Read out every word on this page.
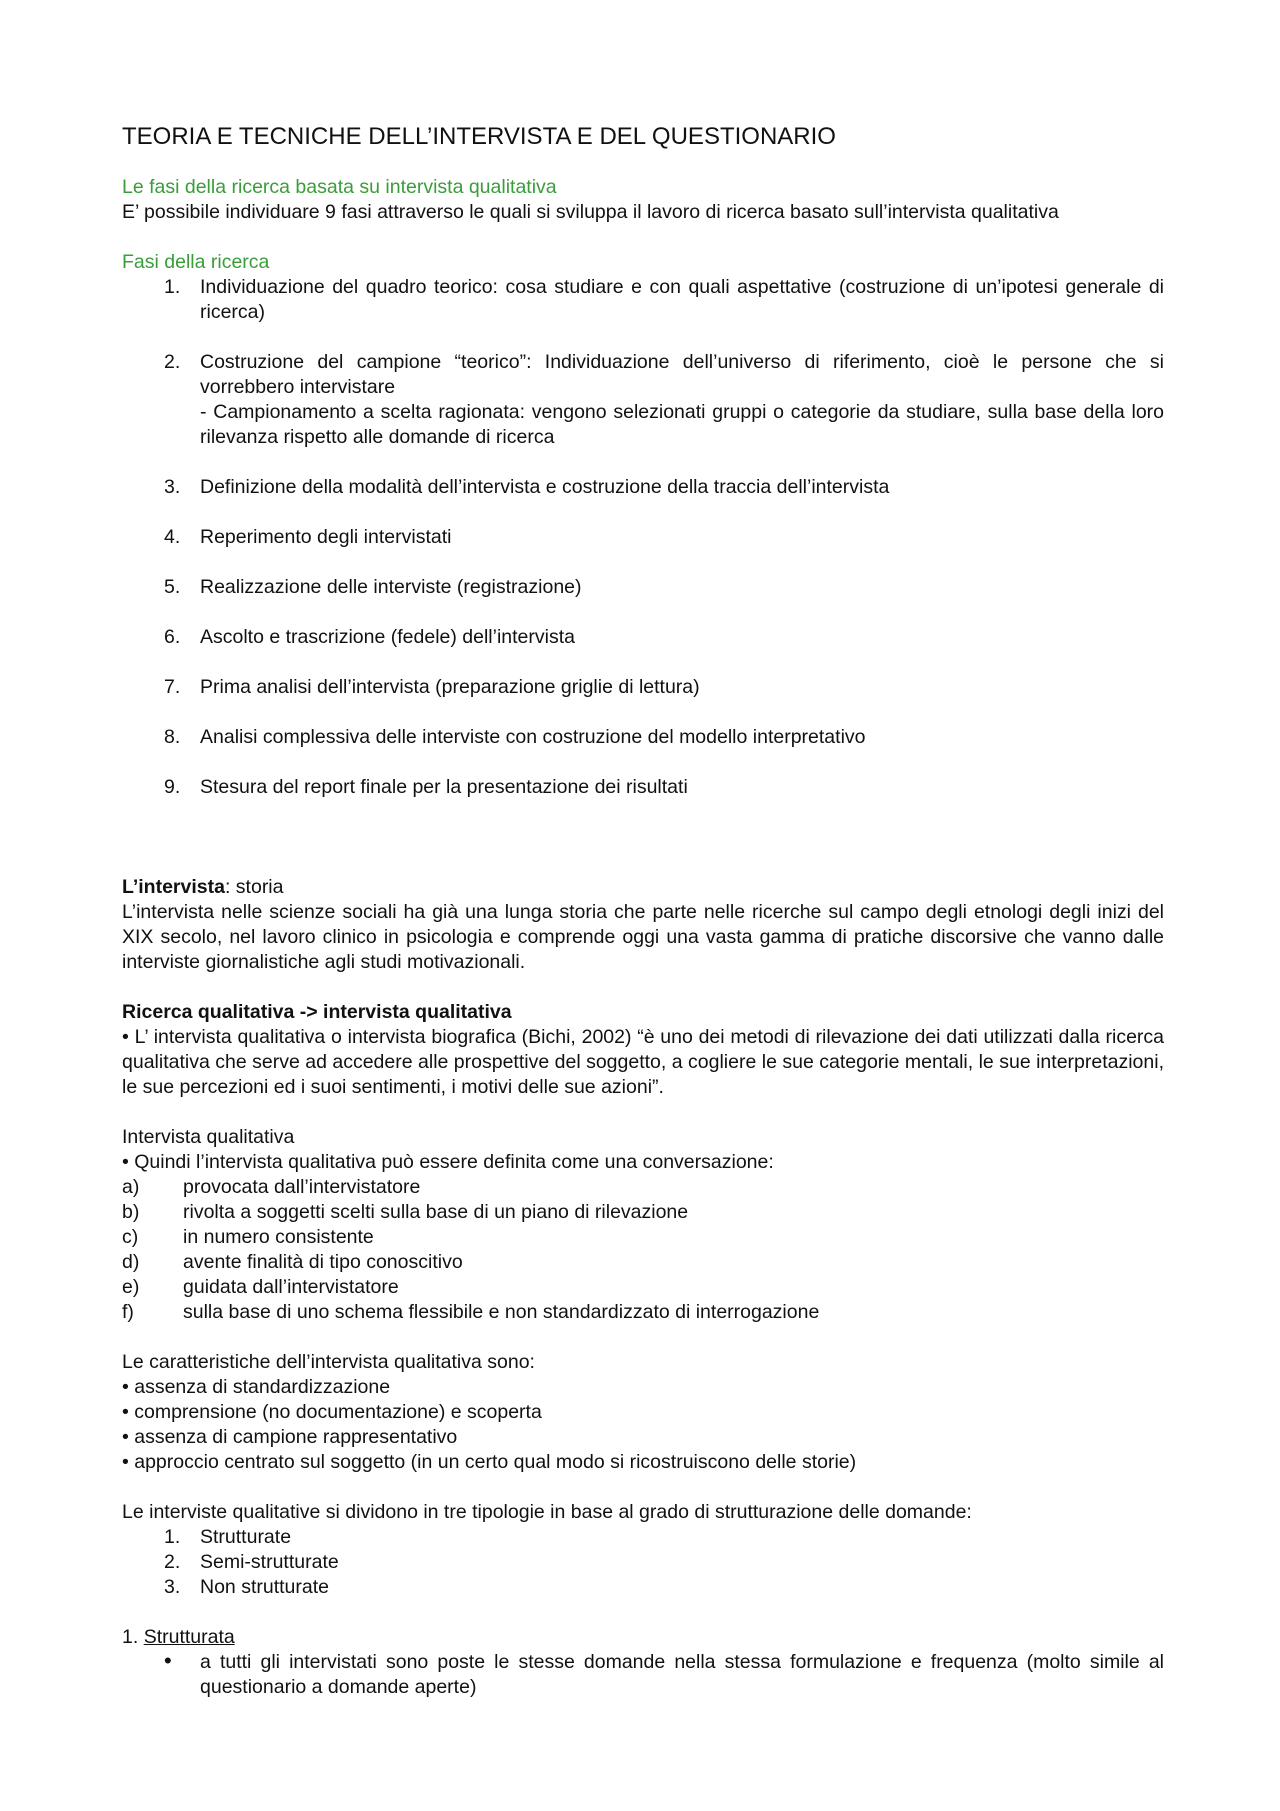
TEORIA E TECNICHE DELL’INTERVISTA E DEL QUESTIONARIO
Le fasi della ricerca basata su intervista qualitativa

E’ possibile individuare 9 fasi attraverso le quali si sviluppa il lavoro di ricerca basato sull’intervista qualitativa

Fasi della ricerca
1.	Individuazione del quadro teorico: cosa studiare e con quali aspettative (costruzione di un’ipotesi generale di ricerca)
2.	Costruzione del campione “teorico”: Individuazione dell’universo di riferimento, cioè le persone che si vorrebbero intervistare
- Campionamento a scelta ragionata: vengono selezionati gruppi o categorie da studiare, sulla base della loro rilevanza rispetto alle domande di ricerca
3.	Definizione della modalità dell’intervista e costruzione della traccia dell’intervista
4.	Reperimento degli intervistati
5.	Realizzazione delle interviste (registrazione)
6.	Ascolto e trascrizione (fedele) dell’intervista
7.	Prima analisi dell’intervista (preparazione griglie di lettura)
8.	Analisi complessiva delle interviste con costruzione del modello interpretativo
9.	Stesura del report finale per la presentazione dei risultati
L’intervista: storia

L’intervista nelle scienze sociali ha già una lunga storia che parte nelle ricerche sul campo degli etnologi degli inizi del XIX secolo, nel lavoro clinico in psicologia e comprende oggi una vasta gamma di pratiche discorsive che vanno dalle interviste giornalistiche agli studi motivazionali.

Ricerca qualitativa -> intervista qualitativa

• L’ intervista qualitativa o intervista biografica (Bichi, 2002) “è uno dei metodi di rilevazione dei dati utilizzati dalla ricerca qualitativa che serve ad accedere alle prospettive del soggetto, a cogliere le sue categorie mentali, le sue interpretazioni, le sue percezioni ed i suoi sentimenti, i motivi delle sue azioni”.

Intervista qualitativa
• Quindi l’intervista qualitativa può essere definita come una conversazione:
a)	provocata dall’intervistatore
b)	rivolta a soggetti scelti sulla base di un piano di rilevazione
c)	in numero consistente
d)	avente finalità di tipo conoscitivo
e)	guidata dall’intervistatore
f)	sulla base di uno schema flessibile e non standardizzato di interrogazione
Le caratteristiche dell’intervista qualitativa sono:
• assenza di standardizzazione
• comprensione (no documentazione) e scoperta
• assenza di campione rappresentativo
• approccio centrato sul soggetto (in un certo qual modo si ricostruiscono delle storie)
Le interviste qualitative si dividono in tre tipologie in base al grado di strutturazione delle domande:
1.	Strutturate
2.	Semi-strutturate
3.	Non strutturate
1. Strutturata
•	a tutti gli intervistati sono poste le stesse domande nella stessa formulazione e frequenza (molto simile al questionario a domande aperte)
